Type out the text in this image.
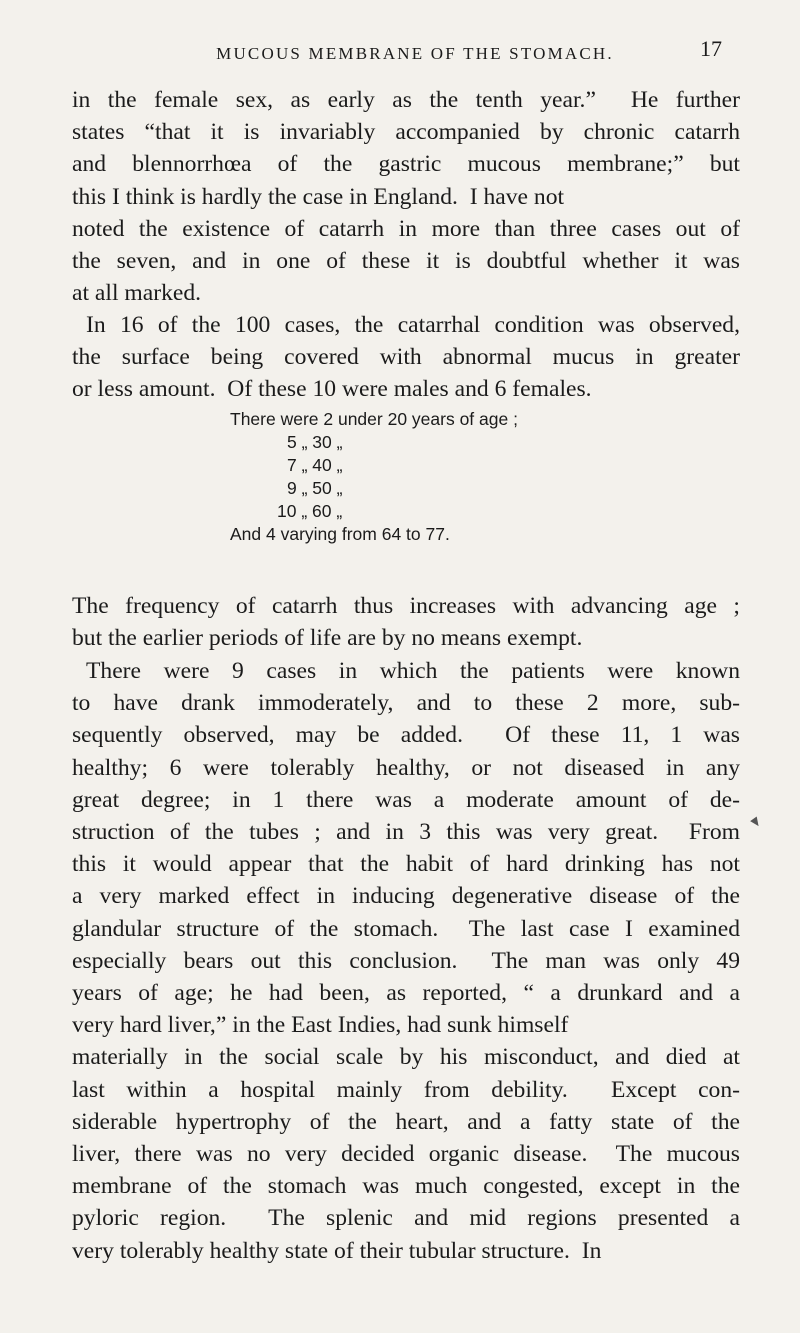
MUCOUS MEMBRANE OF THE STOMACH.	17
in the female sex, as early as the tenth year.”  He further
states “that it is invariably accompanied by chronic catarrh
and blennorrhœa of the gastric mucous membrane;” but
this I think is hardly the case in England.  I have not
noted the existence of catarrh in more than three cases out of
the seven, and in one of these it is doubtful whether it was
at all marked.
In 16 of the 100 cases, the catarrhal condition was observed,
the surface being covered with abnormal mucus in greater
or less amount.  Of these 10 were males and 6 females.
There were 2 under 20 years of age ;
5 „ 30 „
7 „ 40 „
9 „ 50 „
10 „ 60 „
And 4 varying from 64 to 77.
The frequency of catarrh thus increases with advancing age ;
but the earlier periods of life are by no means exempt.
There were 9 cases in which the patients were known
to have drank immoderately, and to these 2 more, sub-
sequently observed, may be added.  Of these 11, 1 was
healthy; 6 were tolerably healthy, or not diseased in any
great degree; in 1 there was a moderate amount of de-
struction of the tubes ; and in 3 this was very great.  From
this it would appear that the habit of hard drinking has not
a very marked effect in inducing degenerative disease of the
glandular structure of the stomach.  The last case I examined
especially bears out this conclusion.  The man was only 49
years of age; he had been, as reported, “ a drunkard and a
very hard liver,” in the East Indies, had sunk himself
materially in the social scale by his misconduct, and died at
last within a hospital mainly from debility.  Except con-
siderable hypertrophy of the heart, and a fatty state of the
liver, there was no very decided organic disease.  The mucous
membrane of the stomach was much congested, except in the
pyloric region.  The splenic and mid regions presented a
very tolerably healthy state of their tubular structure.  In
